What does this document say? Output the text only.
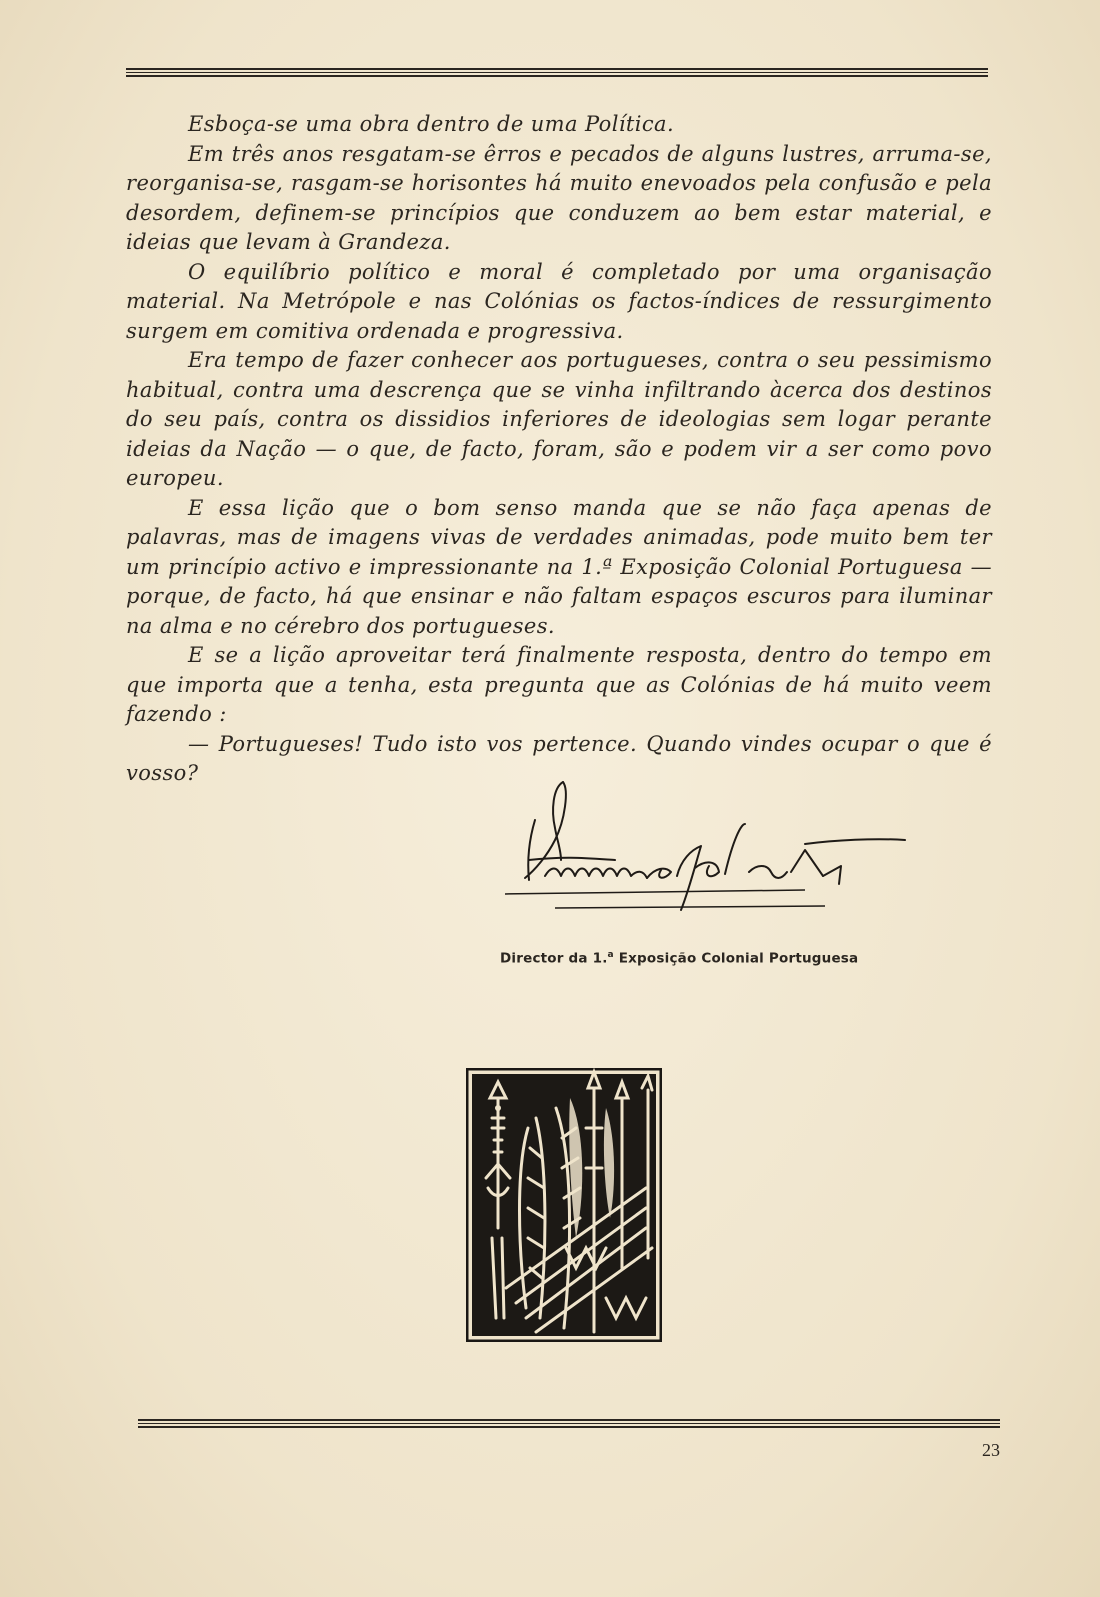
Esboça-se uma obra dentro de uma Política.

Em três anos resgatam-se êrros e pecados de alguns lustres, arruma-se, reorganisa-se, rasgam-se horisontes há muito enevoados pela confusão e pela desordem, definem-se princípios que conduzem ao bem estar material, e ideias que levam à Grandeza.

O equilíbrio político e moral é completado por uma organisação material. Na Metrópole e nas Colónias os factos-índices de ressurgimento surgem em comitiva ordenada e progressiva.

Era tempo de fazer conhecer aos portugueses, contra o seu pessimismo habitual, contra uma descrença que se vinha infiltrando àcerca dos destinos do seu país, contra os dissidios inferiores de ideologias sem logar perante ideias da Nação — o que, de facto, foram, são e podem vir a ser como povo europeu.

E essa lição que o bom senso manda que se não faça apenas de palavras, mas de imagens vivas de verdades animadas, pode muito bem ter um princípio activo e impressionante na 1.ª Exposição Colonial Portuguesa — porque, de facto, há que ensinar e não faltam espaços escuros para iluminar na alma e no cérebro dos portugueses.

E se a lição aproveitar terá finalmente resposta, dentro do tempo em que importa que a tenha, esta pregunta que as Colónias de há muito veem fazendo :

— Portugueses! Tudo isto vos pertence. Quando vindes ocupar o que é vosso?

Director da 1.$^a$ Exposição Colonial Portuguesa
23
